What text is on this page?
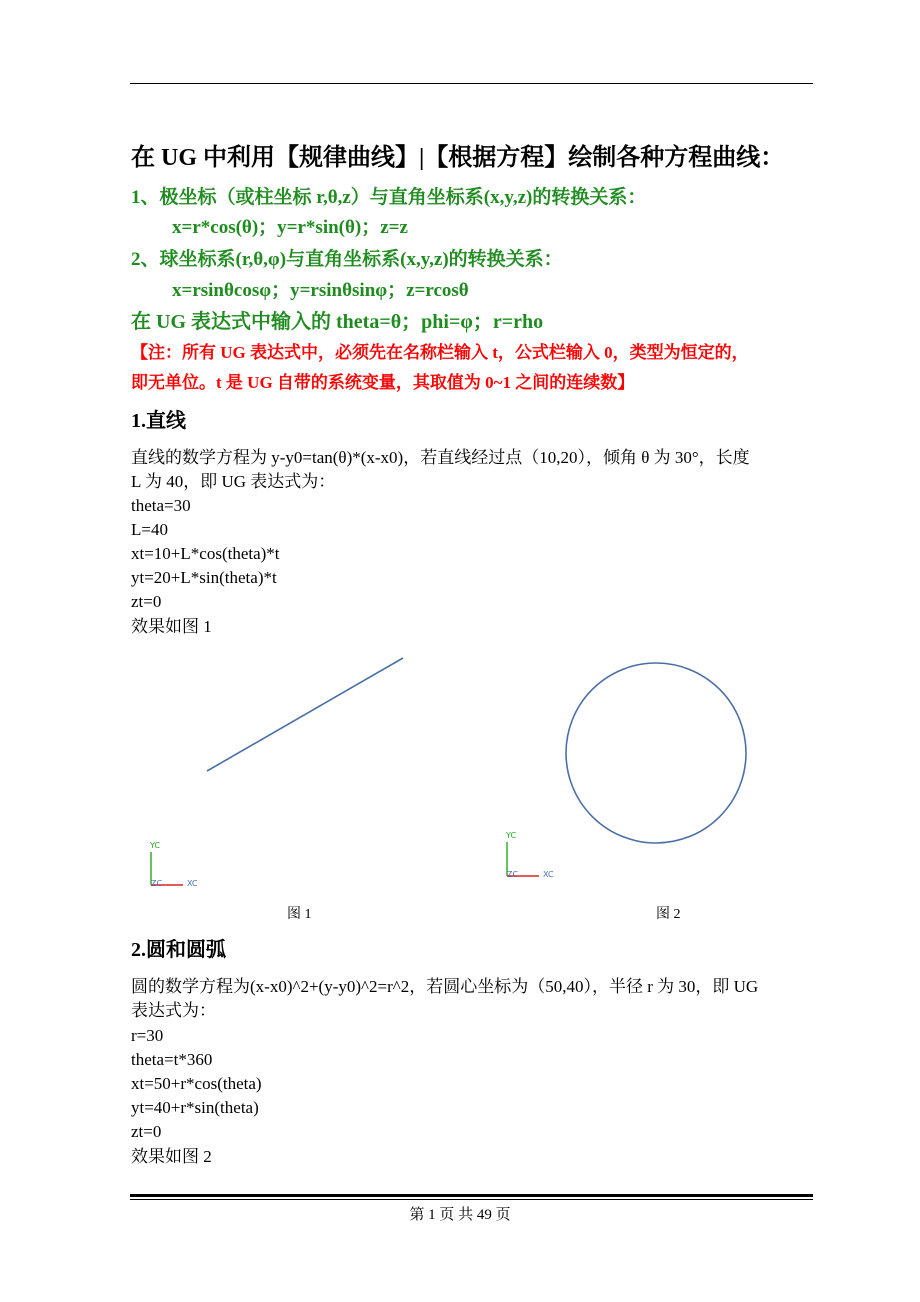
在 UG 中利用【规律曲线】|【根据方程】绘制各种方程曲线：
1、极坐标（或柱坐标 r,θ,z）与直角坐标系(x,y,z)的转换关系：
x=r*cos(θ)；y=r*sin(θ)；z=z
2、球坐标系(r,θ,φ)与直角坐标系(x,y,z)的转换关系：
x=rsinθcosφ；y=rsinθsinφ；z=rcosθ
在 UG 表达式中输入的 theta=θ；phi=φ；r=rho
【注：所有 UG 表达式中，必须先在名称栏输入 t，公式栏输入 0，类型为恒定的，
即无单位。t 是 UG 自带的系统变量，其取值为 0~1 之间的连续数】
1.直线
直线的数学方程为 y-y0=tan(θ)*(x-x0)，若直线经过点（10,20），倾角 θ 为 30°，长度
L 为 40，即 UG 表达式为：
theta=30
L=40
xt=10+L*cos(theta)*t
yt=20+L*sin(theta)*t
zt=0
效果如图 1
YC
ZC	XC
YC
ZC	XC
图 1	图 2
2.圆和圆弧
圆的数学方程为(x-x0)^2+(y-y0)^2=r^2，若圆心坐标为（50,40），半径 r 为 30，即 UG
表达式为：
r=30
theta=t*360
xt=50+r*cos(theta)
yt=40+r*sin(theta)
zt=0
效果如图 2
第 1 页 共 49 页
